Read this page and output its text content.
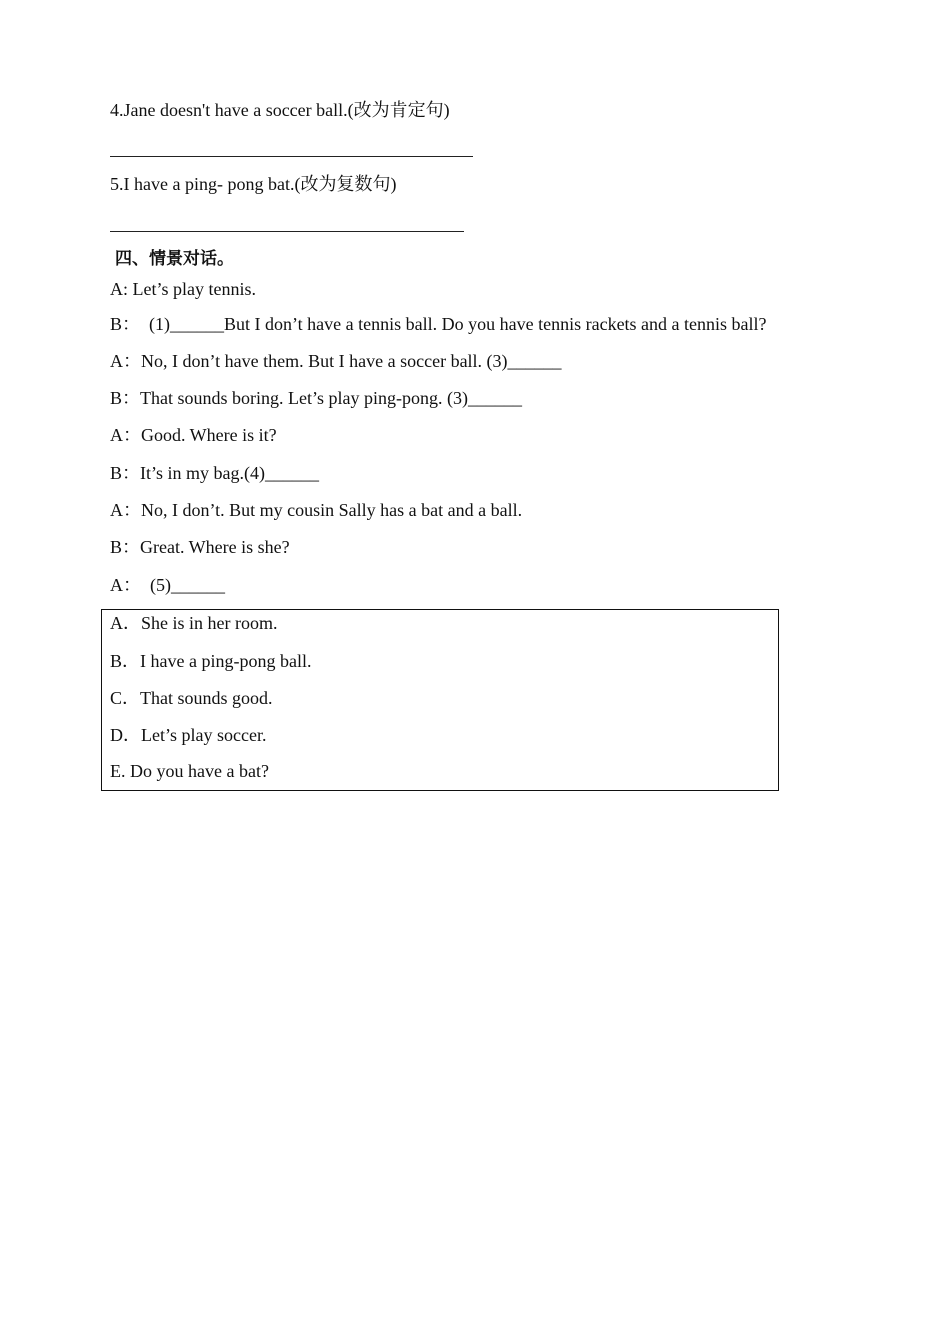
4.Jane doesn't have a soccer ball.(改为肯定句)
5.I have a ping- pong bat.(改为复数句)
四、情景对话。
A: Let’s play tennis.
B：  (1)______But I don’t have a tennis ball. Do you have tennis rackets and a tennis ball?
A：No, I don’t have them. But I have a soccer ball. (3)______
B：That sounds boring. Let’s play ping-pong. (3)______
A：Good. Where is it?
B：It’s in my bag.(4)______
A：No, I don’t. But my cousin Sally has a bat and a ball.
B：Great. Where is she?
A：  (5)______
A．She is in her room.
B．I have a ping-pong ball.
C．That sounds good.
D．Let’s play soccer.
E. Do you have a bat?
